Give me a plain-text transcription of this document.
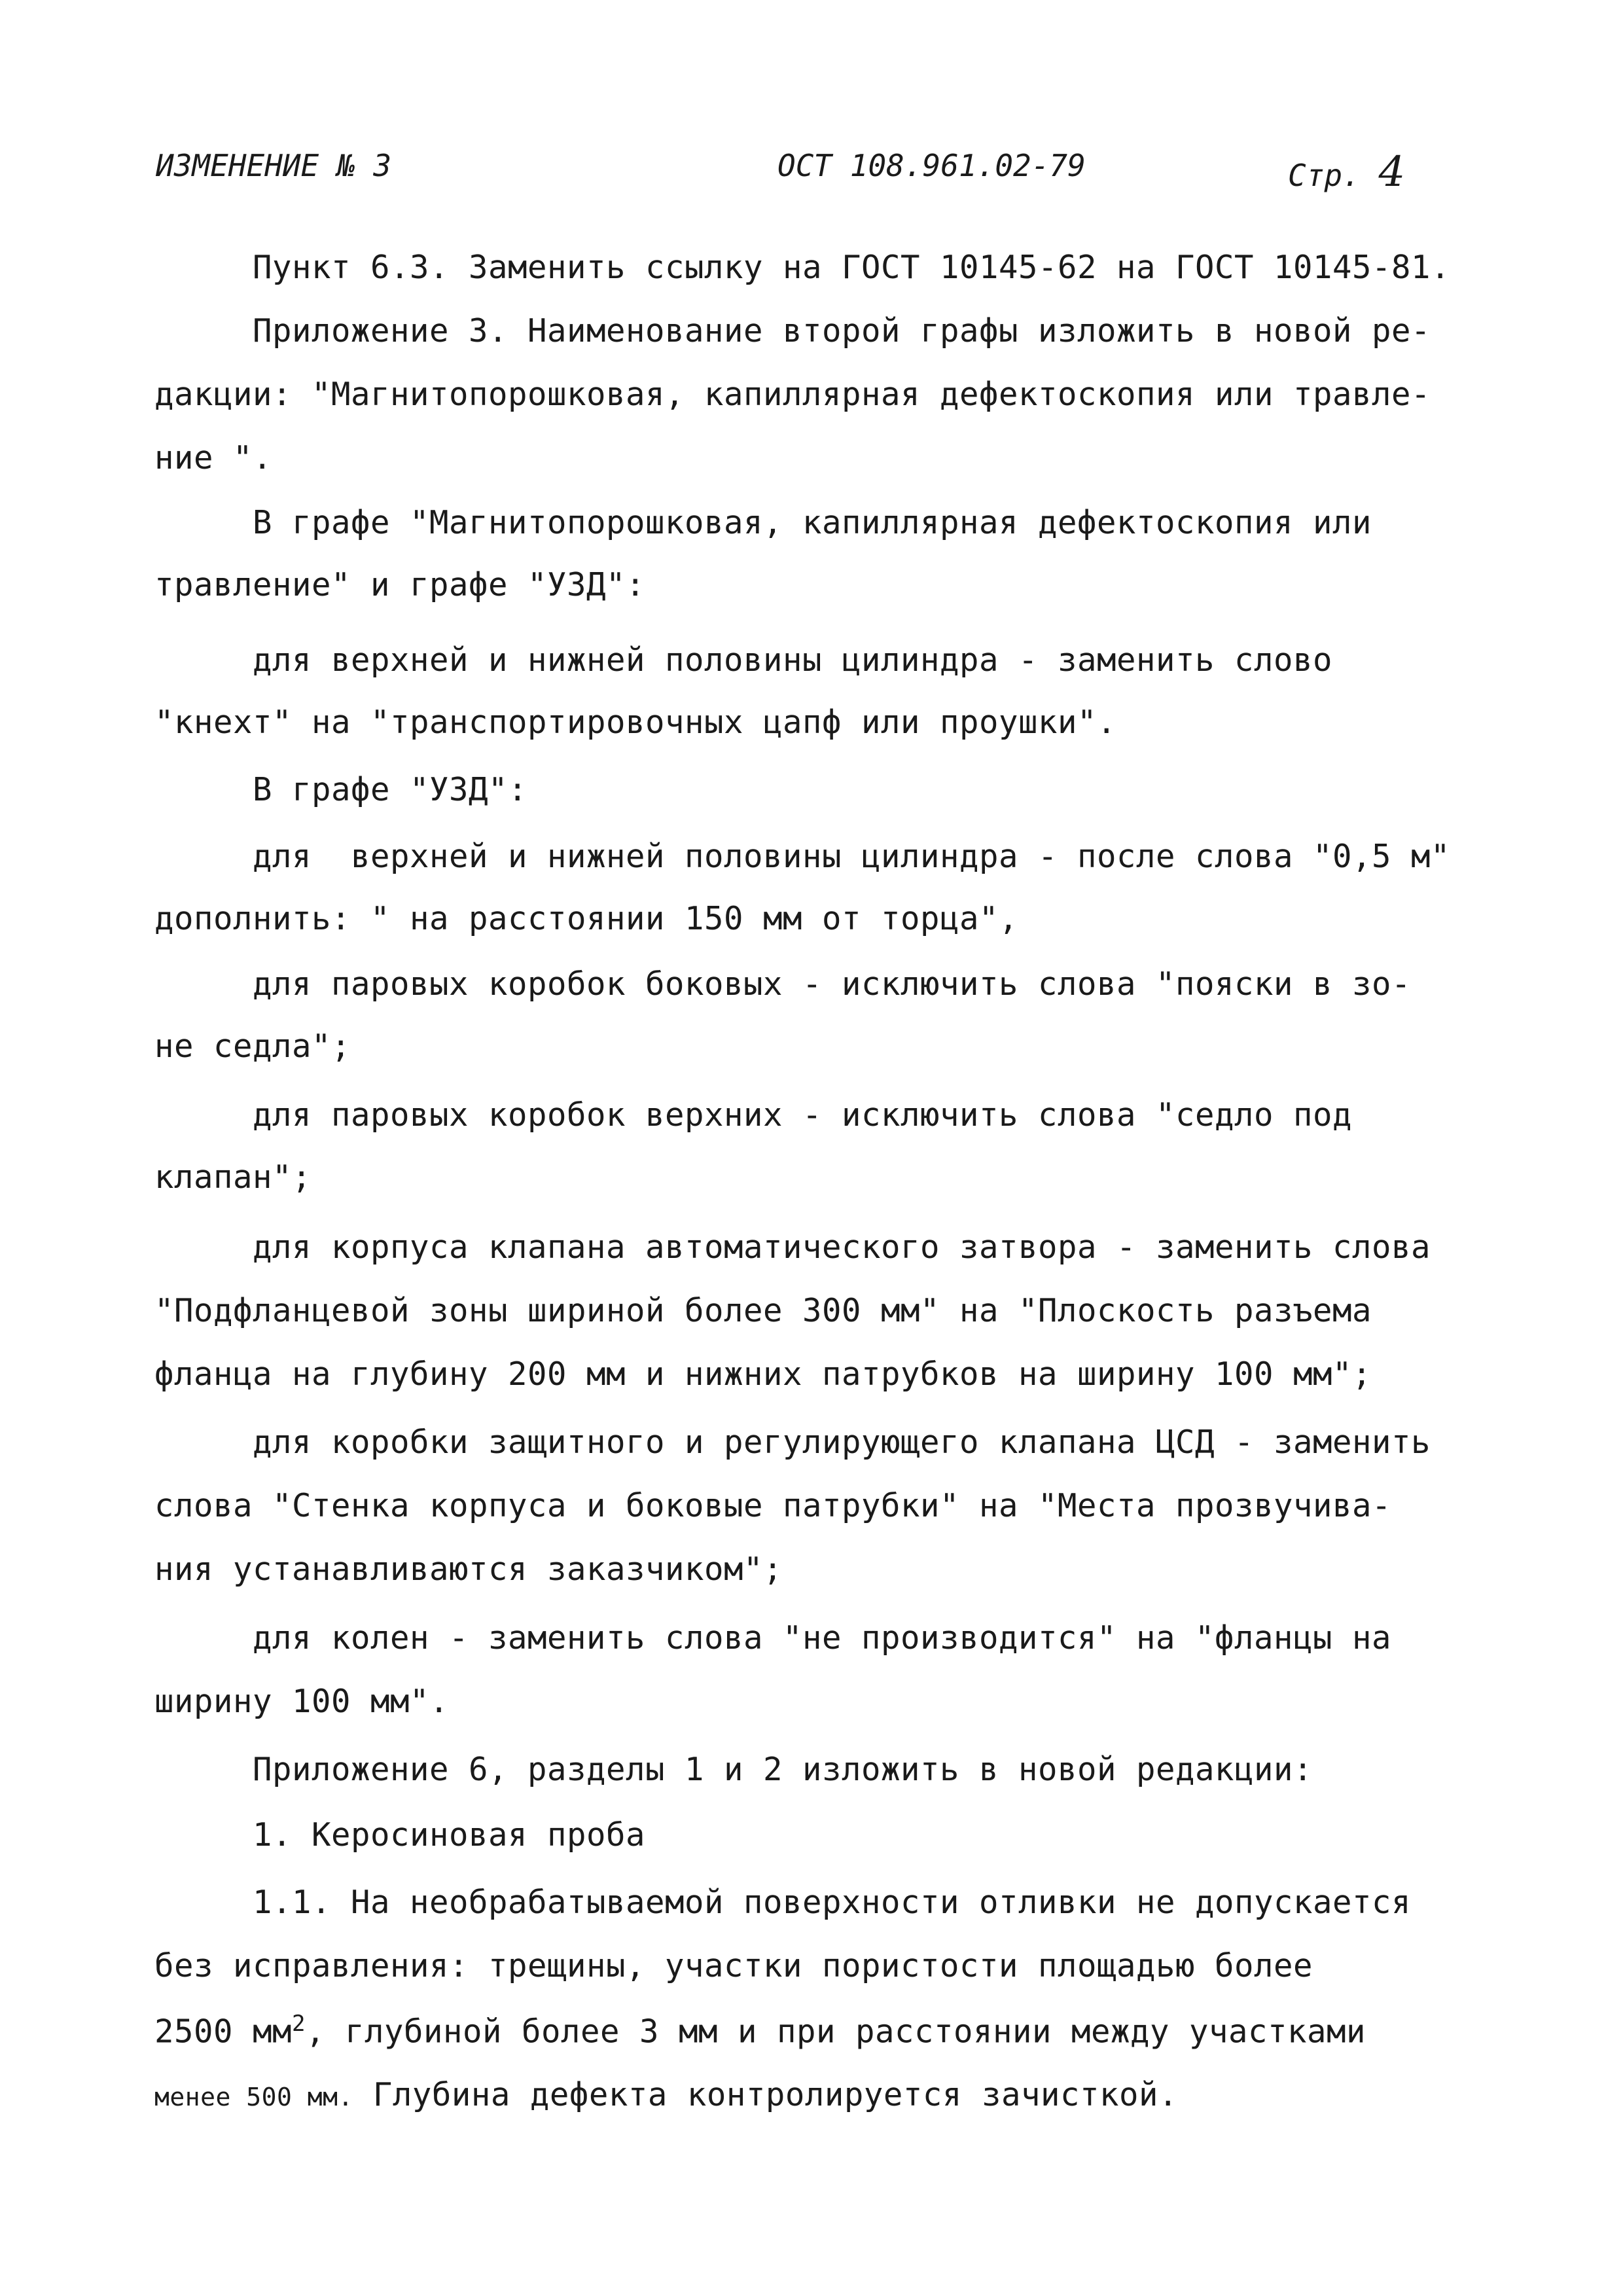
ИЗМЕНЕНИЕ № 3	ОСТ 108.961.02-79	Стр. 4
Пункт 6.3. Заменить ссылку на ГОСТ 10145-62 на ГОСТ 10145-81.
Приложение 3. Наименование второй графы изложить в новой ре-
дакции: "Магнитопорошковая, капиллярная дефектоскопия или травле-
ние ".
В графе "Магнитопорошковая, капиллярная дефектоскопия или
травление" и графе "УЗД":
для верхней и нижней половины цилиндра - заменить слово
"кнехт" на "транспортировочных цапф или проушки".
В графе "УЗД":
для  верхней и нижней половины цилиндра - после слова "0,5 м"
дополнить: " на расстоянии 150 мм от торца",
для паровых коробок боковых - исключить слова "пояски в зо-
не седла";
для паровых коробок верхних - исключить слова "седло под
клапан";
для корпуса клапана автоматического затвора - заменить слова
"Подфланцевой зоны шириной более 300 мм" на "Плоскость разъема
фланца на глубину 200 мм и нижних патрубков на ширину 100 мм";
для коробки защитного и регулирующего клапана ЦСД - заменить
слова "Стенка корпуса и боковые патрубки" на "Места прозвучива-
ния устанавливаются заказчиком";
для колен - заменить слова "не производится" на "фланцы на
ширину 100 мм".
Приложение 6, разделы 1 и 2 изложить в новой редакции:
1. Керосиновая проба
1.1. На необрабатываемой поверхности отливки не допускается
без исправления: трещины, участки пористости площадью более
2500 $мм^2$, глубиной более 3 мм и при расстоянии между участками
менее 500 мм. Глубина дефекта контролируется зачисткой.
